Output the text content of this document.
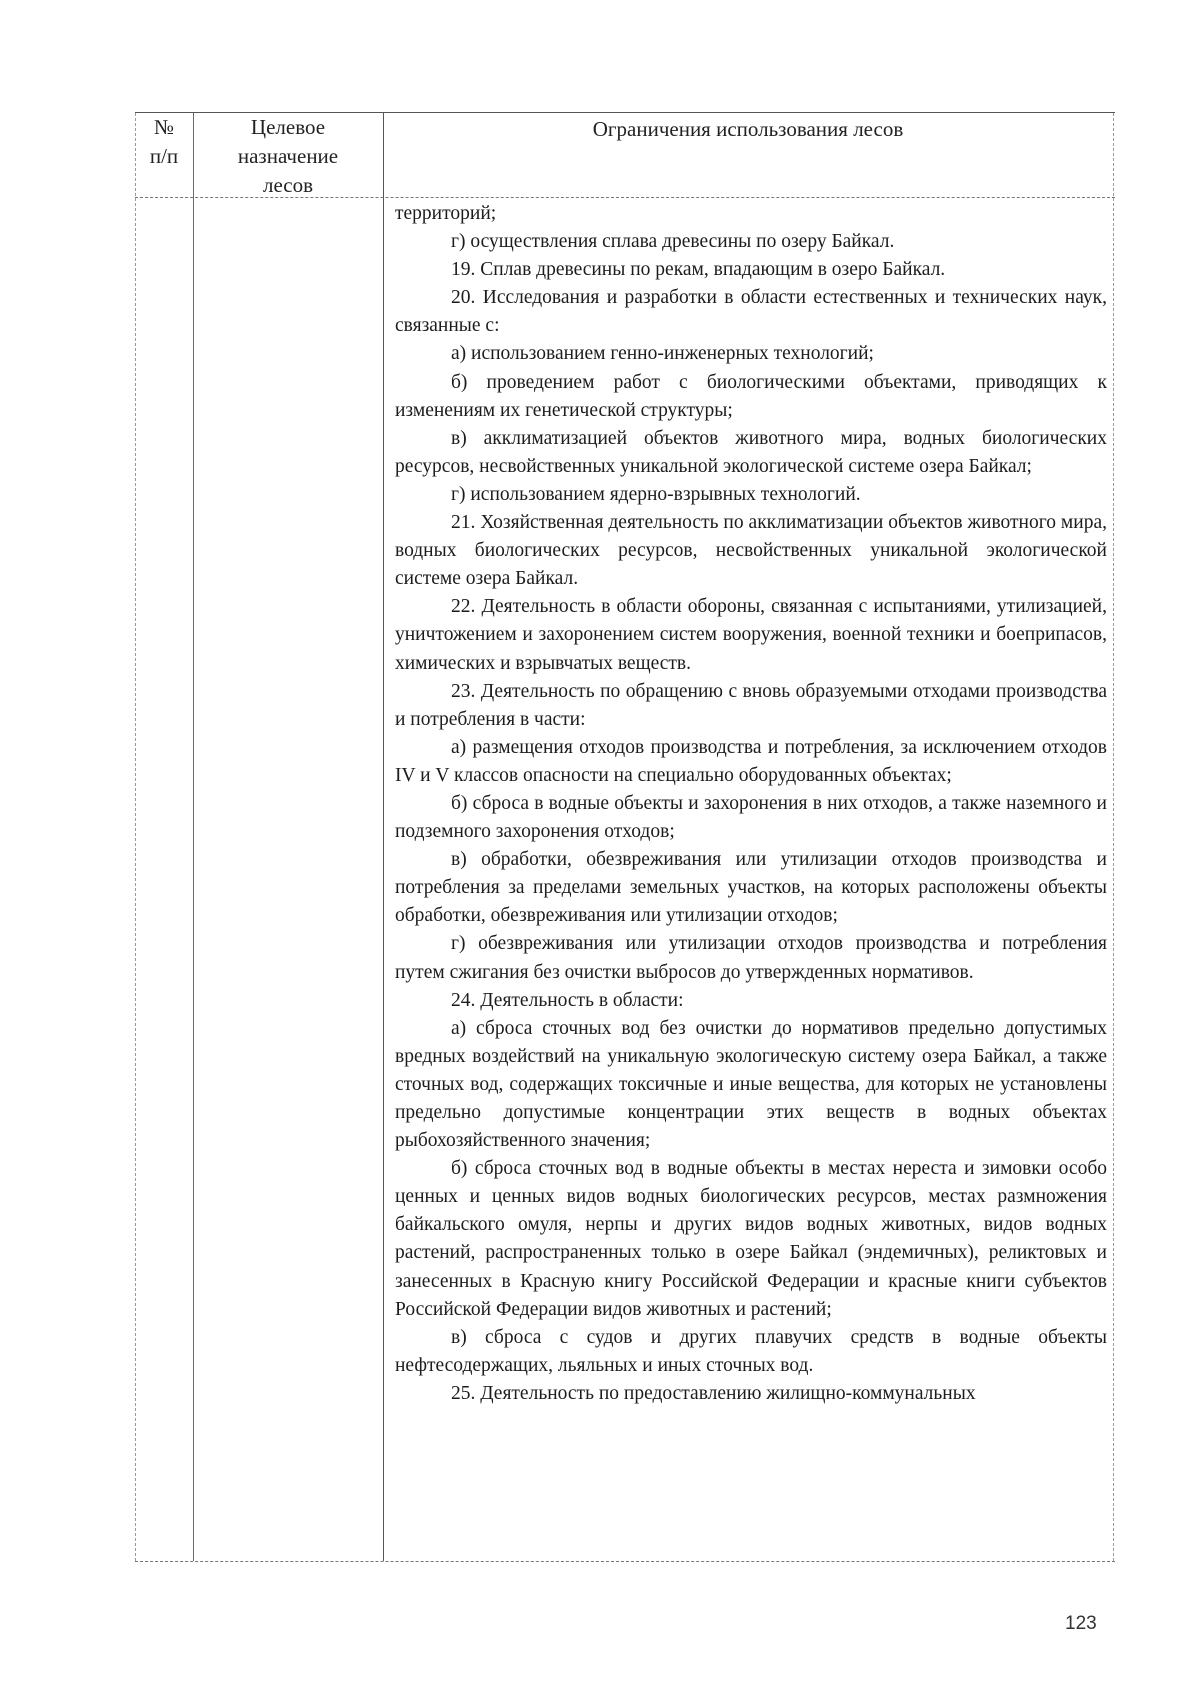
№
п/п
Целевое
назначение
лесов
Ограничения использования лесов

территорий;

г) осуществления сплава древесины по озеру Байкал.

19. Сплав древесины по рекам, впадающим в озеро Байкал.

20. Исследования и разработки в области естественных и технических наук, связанные с:

а) использованием генно-инженерных технологий;

б) проведением работ с биологическими объектами, приводящих к изменениям их генетической структуры;

в) акклиматизацией объектов животного мира, водных биологических ресурсов, несвойственных уникальной экологической системе озера Байкал;

г) использованием ядерно-взрывных технологий.

21. Хозяйственная деятельность по акклиматизации объектов животного мира, водных биологических ресурсов, несвойственных уникальной экологической системе озера Байкал.

22. Деятельность в области обороны, связанная с испытаниями, утилизацией, уничтожением и захоронением систем вооружения, военной техники и боеприпасов, химических и взрывчатых веществ.

23. Деятельность по обращению с вновь образуемыми отходами производства и потребления в части:

а) размещения отходов производства и потребления, за исключением отходов IV и V классов опасности на специально оборудованных объектах;

б) сброса в водные объекты и захоронения в них отходов, а также наземного и подземного захоронения отходов;

в) обработки, обезвреживания или утилизации отходов производства и потребления за пределами земельных участков, на которых расположены объекты обработки, обезвреживания или утилизации отходов;

г) обезвреживания или утилизации отходов производства и потребления путем сжигания без очистки выбросов до утвержденных нормативов.

24. Деятельность в области:

а) сброса сточных вод без очистки до нормативов предельно допустимых вредных воздействий на уникальную экологическую систему озера Байкал, а также сточных вод, содержащих токсичные и иные вещества, для которых не установлены предельно допустимые концентрации этих веществ в водных объектах рыбохозяйственного значения;

б) сброса сточных вод в водные объекты в местах нереста и зимовки особо ценных и ценных видов водных биологических ресурсов, местах размножения байкальского омуля, нерпы и других видов водных животных, видов водных растений, распространенных только в озере Байкал (эндемичных), реликтовых и занесенных в Красную книгу Российской Федерации и красные книги субъектов Российской Федерации видов животных и растений;

в) сброса с судов и других плавучих средств в водные объекты нефтесодержащих, льяльных и иных сточных вод.

25. Деятельность по предоставлению жилищно-коммунальных

123
